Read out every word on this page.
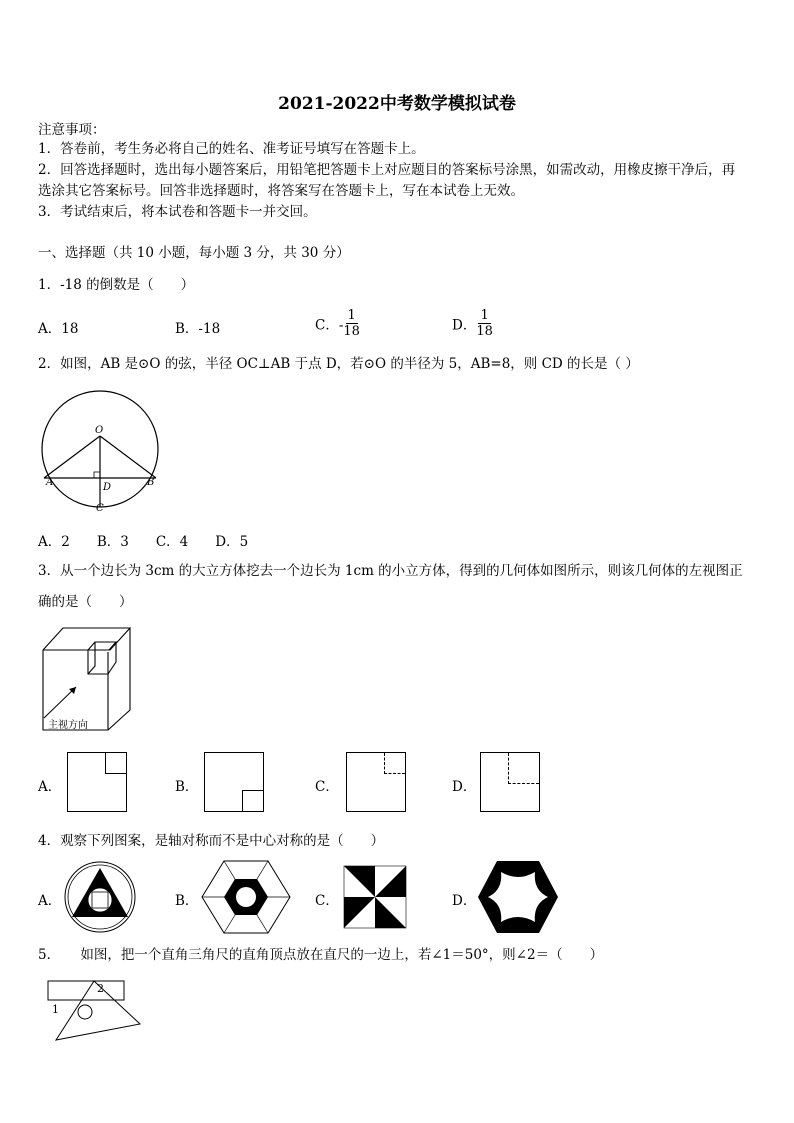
2021-2022中考数学模拟试卷
注意事项：
1．答卷前，考生务必将自己的姓名、准考证号填写在答题卡上。
2．回答选择题时，选出每小题答案后，用铅笔把答题卡上对应题目的答案标号涂黑，如需改动，用橡皮擦干净后，再
选涂其它答案标号。回答非选择题时，将答案写在答题卡上，写在本试卷上无效。
3．考试结束后，将本试卷和答题卡一并交回。
一、选择题（共 10 小题，每小题 3 分，共 30 分）
1．-18 的倒数是（　　）
A．18	B．-18	C．- $\frac{1}{18}$	D． $\frac{1}{18}$
2．如图，AB 是⊙O 的弦，半径 OC⊥AB 于点 D，若⊙O 的半径为 5，AB=8，则 CD 的长是（ ）
O
A	B
D
C
A．2　　B．3　　C．4　　D．5
3．从一个边长为 3cm 的大立方体挖去一个边长为 1cm 的小立方体，得到的几何体如图所示，则该几何体的左视图正
确的是（　　）
主视方向
A．	B．	C．	D．
4．观察下列图案，是轴对称而不是中心对称的是（　　）
A．	B．	C．	D．
5．　　如图，把一个直角三角尺的直角顶点放在直尺的一边上，若∠1＝50°，则∠2＝（　　）
1
2
